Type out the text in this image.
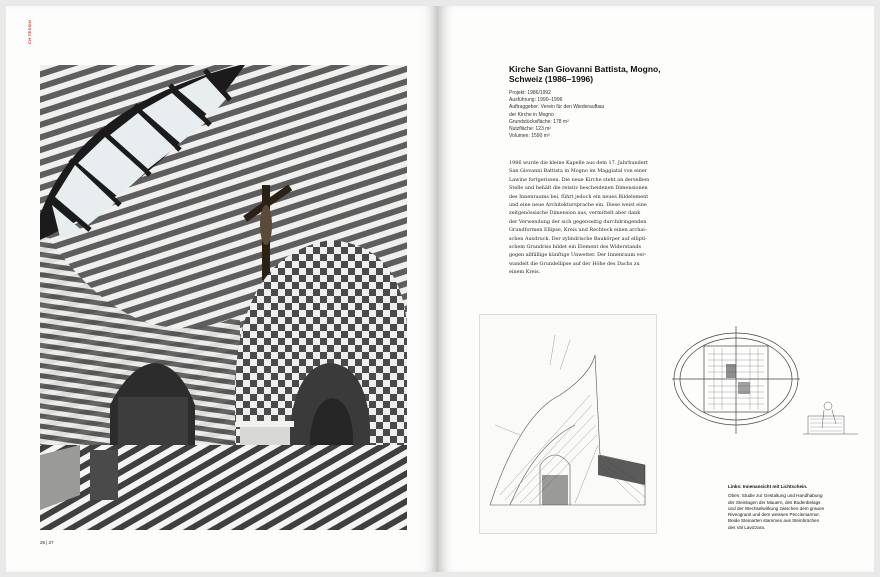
CH TESSIN
26 | 27
Kirche San Giovanni Battista, Mogno,
Schweiz (1986–1996)
Projekt: 1986/1992
Ausführung: 1990–1996
Auftraggeber: Verein für den Wiederaufbau
der Kirche in Mogno
Grundstücksfläche: 178 m²
Nutzfläche: 123 m²
Volumen: 1590 m³
1986 wurde die kleine Kapelle aus dem 17. Jahrhundert
San Giovanni Battista in Mogno im Maggiatal von einer
Lawine fortgerissen. Die neue Kirche steht an derselben
Stelle und behält die relativ bescheidenen Dimensionen
des Innenraums bei, führt jedoch ein neues Bildelement
und eine neue Architektursprache ein. Diese weist eine
zeitgenössische Dimension aus, vermittelt aber dank
der Verwendung der sich gegenseitig durchdringenden
Grundformen Ellipse, Kreis und Rechteck einen archai-
schen Ausdruck. Der zylindrische Baukörper auf ellipti-
schem Grundriss bildet ein Element des Widerstands
gegen allfällige künftige Unwetter. Der Innenraum ver-
wandelt die Grundellipse auf der Höhe des Dachs zu
einem Kreis.
Links: Innenansicht mit Lichtschein.
Oben: Studie zur Gestaltung und Handhabung
der Steinlagen der Mauern, des Bodenbelags
und der Wechselwirkung zwischen dem grauen
Riveogranit und dem weissen Peccismarmor.
Beide Steinarten stammen aus Steinbrüchen
des Val Lavizzara.
